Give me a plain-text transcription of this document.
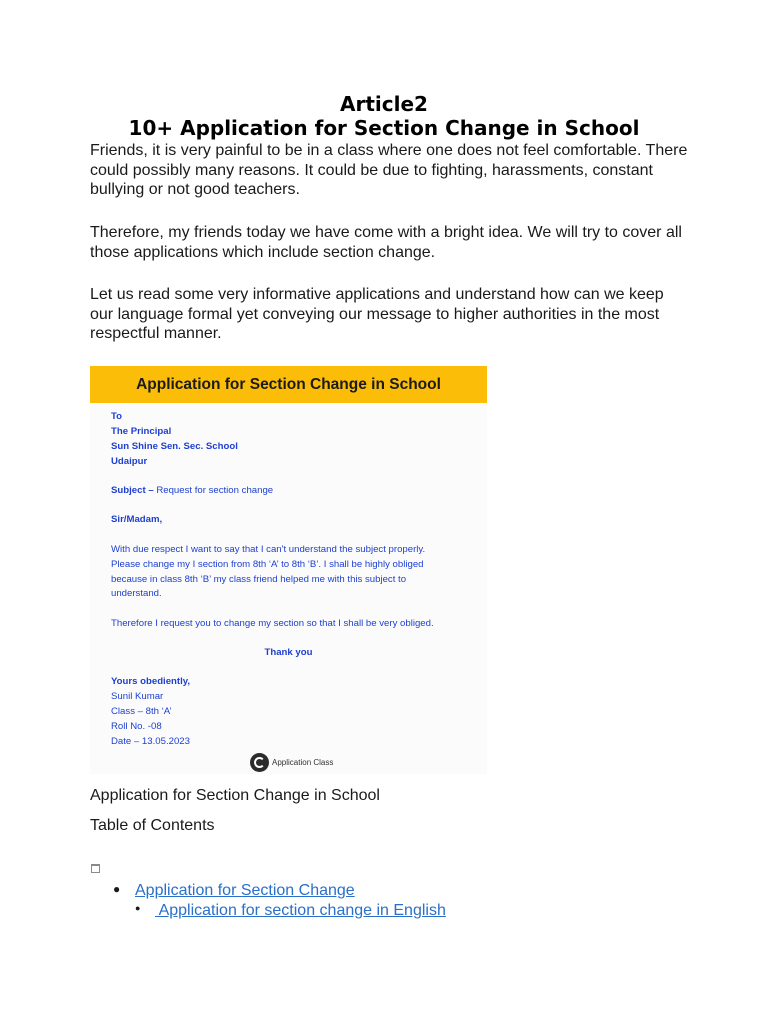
Article2
10+ Application for Section Change in School

Friends, it is very painful to be in a class where one does not feel comfortable. There could possibly many reasons. It could be due to fighting, harassments, constant bullying or not good teachers.

Therefore, my friends today we have come with a bright idea. We will try to cover all those applications which include section change.

Let us read some very informative applications and understand how can we keep our language formal yet conveying our message to higher authorities in the most respectful manner.

Application for Section Change in School

To

The Principal

Sun Shine Sen. Sec. School

Udaipur

Subject – Request for section change

Sir/Madam,

With due respect I want to say that I can't understand the subject properly.

Please change my I section from 8th ‘A’ to 8th ‘B’. I shall be highly obliged

because in class 8th ‘B’ my class friend helped me with this subject to

understand.

Therefore I request you to change my section so that I shall be very obliged.

Thank you

Yours obediently,

Sunil Kumar

Class – 8th ‘A’

Roll No. -08

Date – 13.05.2023

Application Class
Application for Section Change in School
Table of Contents
● Application for Section Change
● Application for section change in English
